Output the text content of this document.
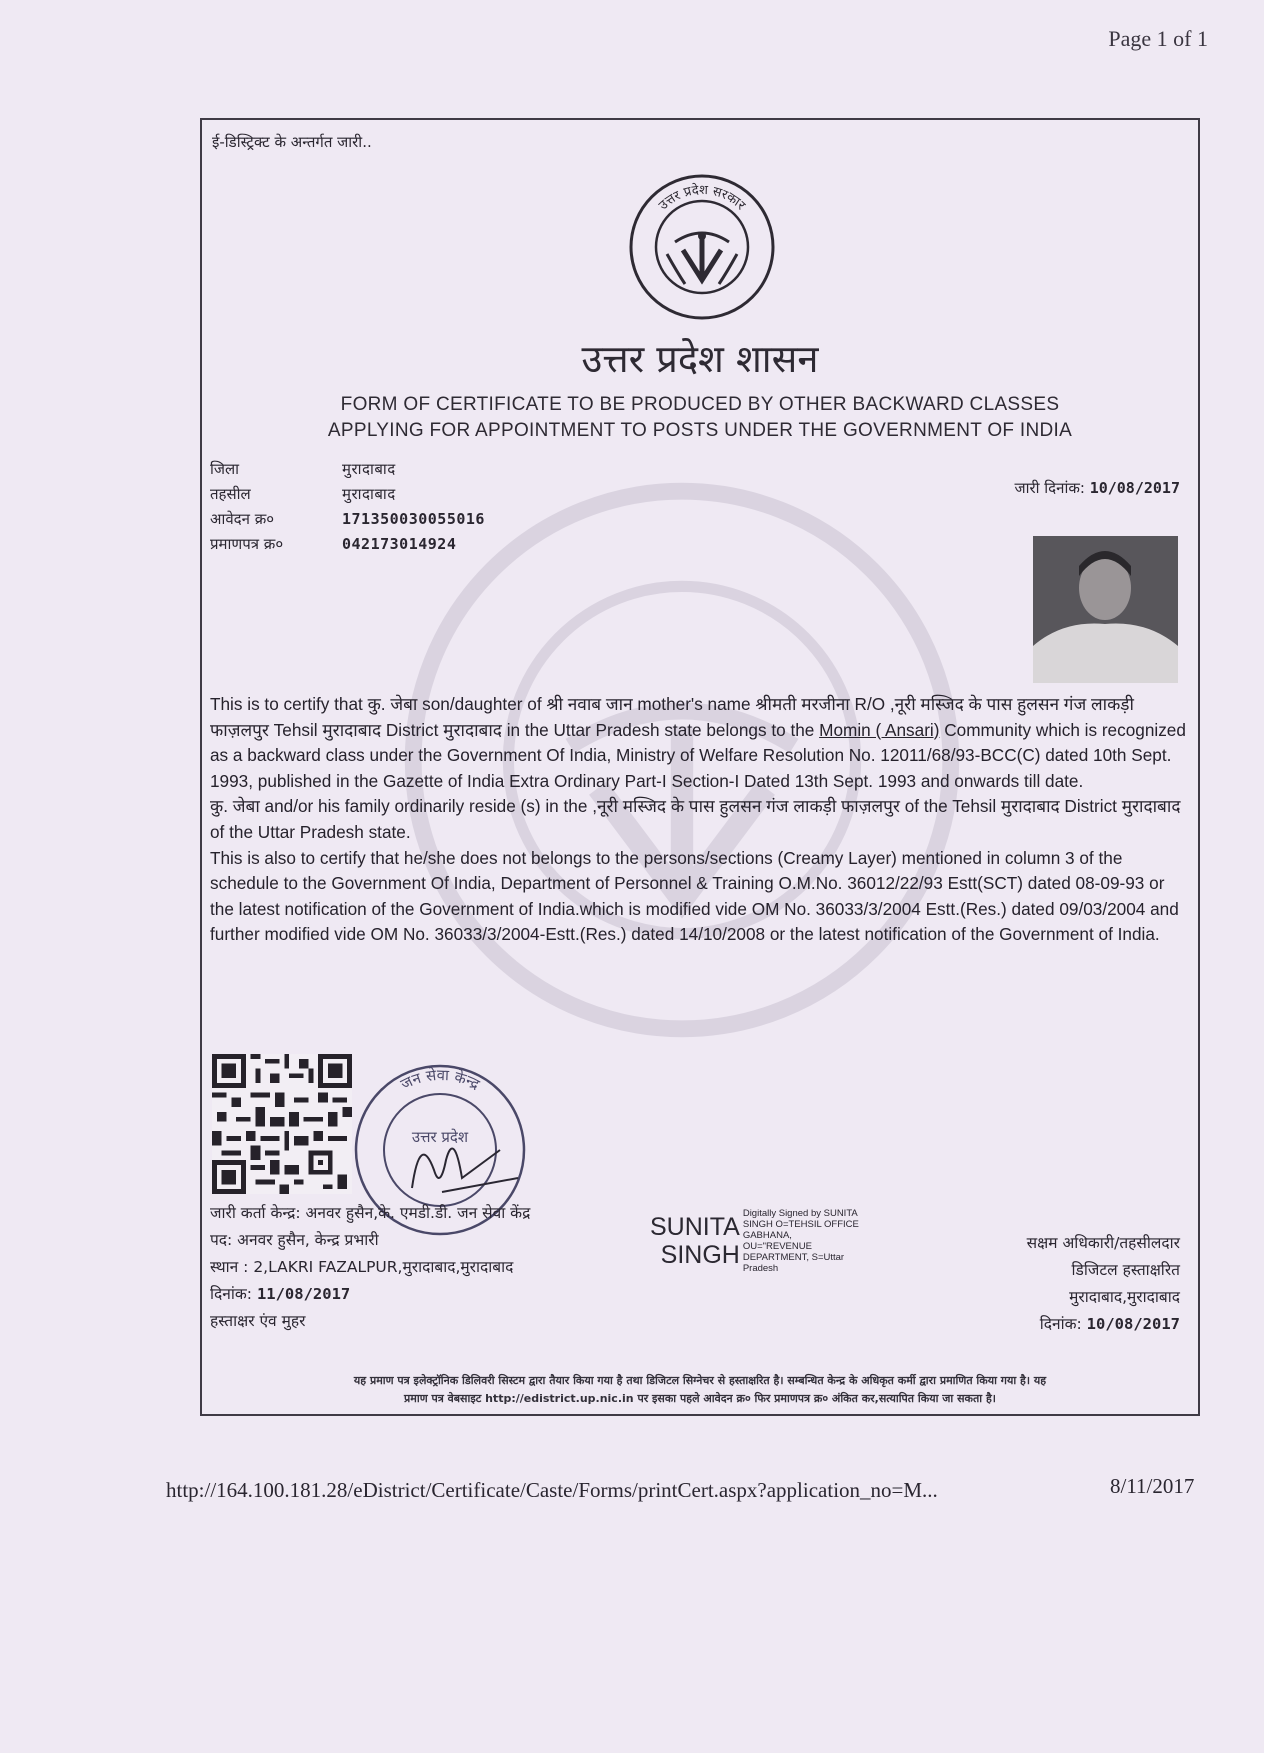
Page 1 of 1
ई-डिस्ट्रिक्ट के अन्तर्गत जारी..
उत्तर प्रदेश सरकार
उत्तर प्रदेश शासन
FORM OF CERTIFICATE TO BE PRODUCED BY OTHER BACKWARD CLASSES
APPLYING FOR APPOINTMENT TO POSTS UNDER THE GOVERNMENT OF INDIA
जिला	मुरादाबाद
तहसील	मुरादाबाद
आवेदन क्र०	171350030055016
प्रमाणपत्र क्र०	042173014924
जारी दिनांक: 10/08/2017

This is to certify that कु. जेबा son/daughter of श्री नवाब जान mother's name श्रीमती मरजीना R/O ,नूरी मस्जिद के पास हुलसन गंज लाकड़ी फाज़लपुर Tehsil मुरादाबाद District मुरादाबाद in the Uttar Pradesh state belongs to the Momin ( Ansari) Community which is recognized as a backward class under the Government Of India, Ministry of Welfare Resolution No. 12011/68/93-BCC(C) dated 10th Sept. 1993, published in the Gazette of India Extra Ordinary Part-I Section-I Dated 13th Sept. 1993 and onwards till date.

कु. जेबा and/or his family ordinarily reside (s) in the ,नूरी मस्जिद के पास हुलसन गंज लाकड़ी फाज़लपुर of the Tehsil मुरादाबाद District मुरादाबाद of the Uttar Pradesh state.

This is also to certify that he/she does not belongs to the persons/sections (Creamy Layer) mentioned in column 3 of the schedule to the Government Of India, Department of Personnel & Training O.M.No. 36012/22/93 Estt(SCT) dated 08-09-93 or the latest notification of the Government of India.which is modified vide OM No. 36033/3/2004 Estt.(Res.) dated 09/03/2004 and further modified vide OM No. 36033/3/2004-Estt.(Res.) dated 14/10/2008 or the latest notification of the Government of India.

जन सेवा केन्द्र
उत्तर प्रदेश
जारी कर्ता केन्द्र: अनवर हुसैन,के. एमडी.डी. जन सेवा केंद्र
पद: अनवर हुसैन, केन्द्र प्रभारी
स्थान : 2,LAKRI FAZALPUR,मुरादाबाद,मुरादाबाद
दिनांक: 11/08/2017
हस्ताक्षर एंव मुहर
SUNITA
SINGH
Digitally Signed by SUNITA SINGH O=TEHSIL OFFICE GABHANA, OU="REVENUE DEPARTMENT, S=Uttar Pradesh
सक्षम अधिकारी/तहसीलदार
डिजिटल हस्ताक्षरित
मुरादाबाद,मुरादाबाद
दिनांक: 10/08/2017
यह प्रमाण पत्र इलेक्ट्रॉनिक डिलिवरी सिस्टम द्वारा तैयार किया गया है तथा डिजिटल सिग्नेचर से हस्ताक्षरित है। सम्बन्धित केन्द्र के अधिकृत कर्मी द्वारा प्रमाणित किया गया है। यह
प्रमाण पत्र वेबसाइट http://edistrict.up.nic.in पर इसका पहले आवेदन क्र० फिर प्रमाणपत्र क्र० अंकित कर,सत्यापित किया जा सकता है।
http://164.100.181.28/eDistrict/Certificate/Caste/Forms/printCert.aspx?application_no=M...	8/11/2017
